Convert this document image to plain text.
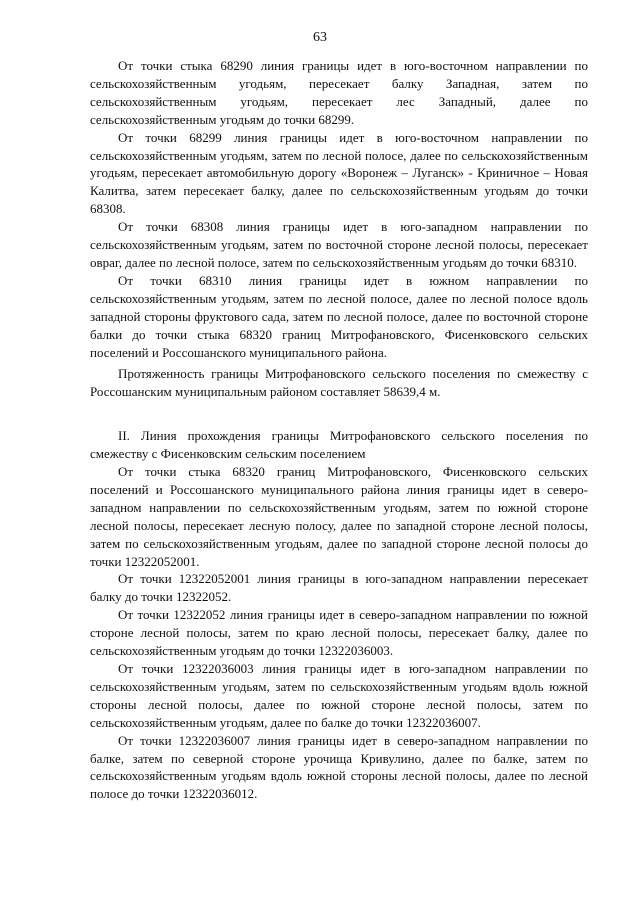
63

От точки стыка 68290 линия границы идет в юго-восточном направлении по сельскохозяйственным угодьям, пересекает балку Западная, затем по сельскохозяйственным угодьям, пересекает лес Западный, далее по сельскохозяйственным угодьям до точки 68299.

От точки 68299 линия границы идет в юго-восточном направлении по сельскохозяйственным угодьям, затем по лесной полосе, далее по сельскохозяйственным угодьям, пересекает автомобильную дорогу «Воронеж – Луганск» - Криничное – Новая Калитва, затем пересекает балку, далее по сельскохозяйственным угодьям до точки 68308.

От точки 68308 линия границы идет в юго-западном направлении по сельскохозяйственным угодьям, затем по восточной стороне лесной полосы, пересекает овраг, далее по лесной полосе, затем по сельскохозяйственным угодьям до точки 68310.

От точки 68310 линия границы идет в южном направлении по сельскохозяйственным угодьям, затем по лесной полосе, далее по лесной полосе вдоль западной стороны фруктового сада, затем по лесной полосе, далее по восточной стороне балки до точки стыка 68320 границ Митрофановского, Фисенковского сельских поселений и Россошанского муниципального района.

Протяженность границы Митрофановского сельского поселения по смежеству с Россошанским муниципальным районом составляет 58639,4 м.

II. Линия прохождения границы Митрофановского сельского поселения по смежеству с Фисенковским сельским поселением

От точки стыка 68320 границ Митрофановского, Фисенковского сельских поселений и Россошанского муниципального района линия границы идет в северо-западном направлении по сельскохозяйственным угодьям, затем по южной стороне лесной полосы, пересекает лесную полосу, далее по западной стороне лесной полосы, затем по сельскохозяйственным угодьям, далее по западной стороне лесной полосы до точки 12322052001.

От точки 12322052001 линия границы в юго-западном направлении пересекает балку до точки 12322052.

От точки 12322052 линия границы идет в северо-западном направлении по южной стороне лесной полосы, затем по краю лесной полосы, пересекает балку, далее по сельскохозяйственным угодьям до точки 12322036003.

От точки 12322036003 линия границы идет в юго-западном направлении по сельскохозяйственным угодьям, затем по сельскохозяйственным угодьям вдоль южной стороны лесной полосы, далее по южной стороне лесной полосы, затем по сельскохозяйственным угодьям, далее по балке до точки 12322036007.

От точки 12322036007 линия границы идет в северо-западном направлении по балке, затем по северной стороне урочища Кривулино, далее по балке, затем по сельскохозяйственным угодьям вдоль южной стороны лесной полосы, далее по лесной полосе до точки 12322036012.
